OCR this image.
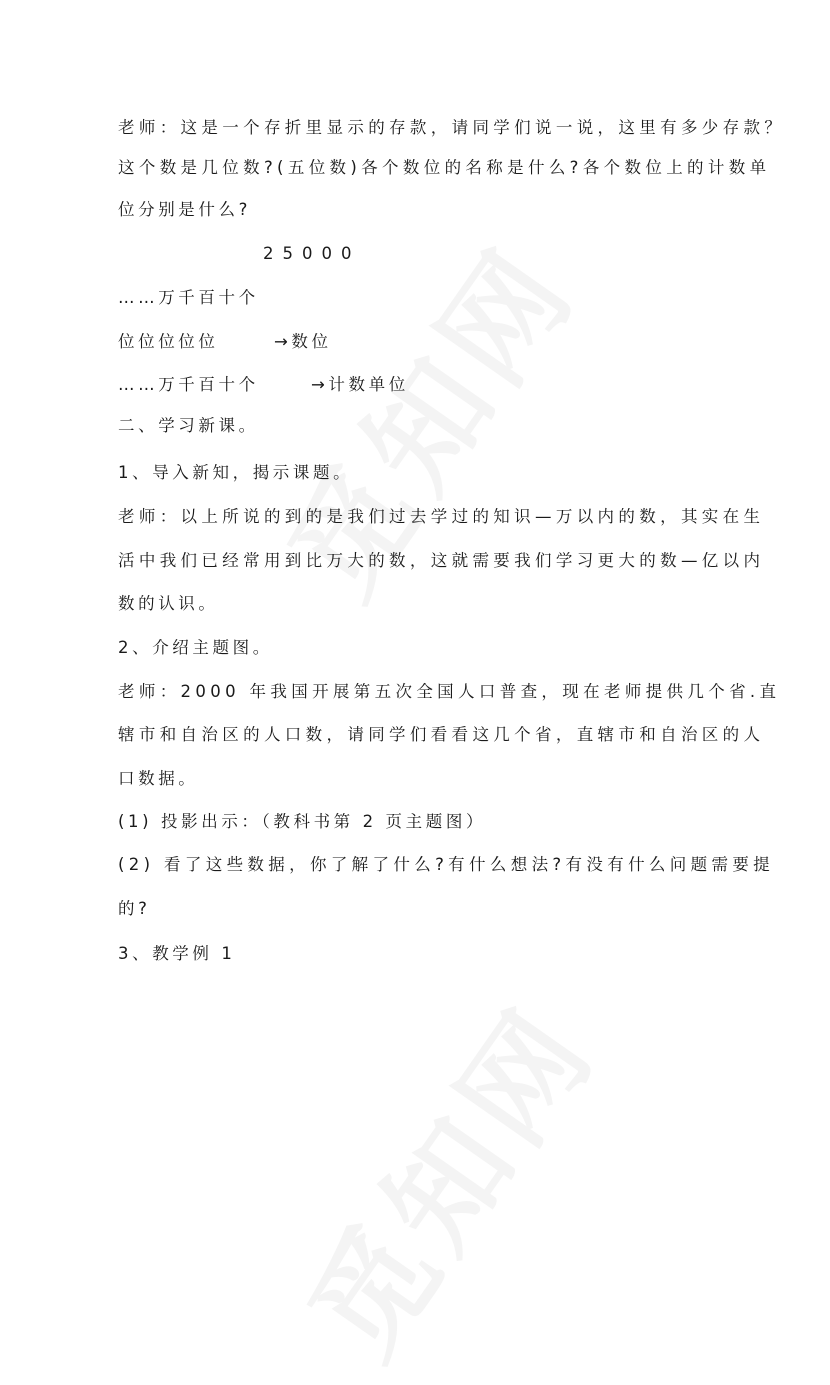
老师：这是一个存折里显示的存款，请同学们说一说，这里有多少存款？
这个数是几位数?(五位数)各个数位的名称是什么?各个数位上的计数单
位分别是什么?
25000
……万千百十个
位位位位位	→数位
……万千百十个	→计数单位
二、学习新课。
1、导入新知，揭示课题。
老师：以上所说的到的是我们过去学过的知识—万以内的数，其实在生
活中我们已经常用到比万大的数，这就需要我们学习更大的数—亿以内
数的认识。
2、介绍主题图。
老师：2000 年我国开展第五次全国人口普查，现在老师提供几个省.直
辖市和自治区的人口数，请同学们看看这几个省，直辖市和自治区的人
口数据。
(1) 投影出示：（教科书第 2 页主题图）
(2) 看了这些数据，你了解了什么?有什么想法?有没有什么问题需要提
的?
3、教学例 1
